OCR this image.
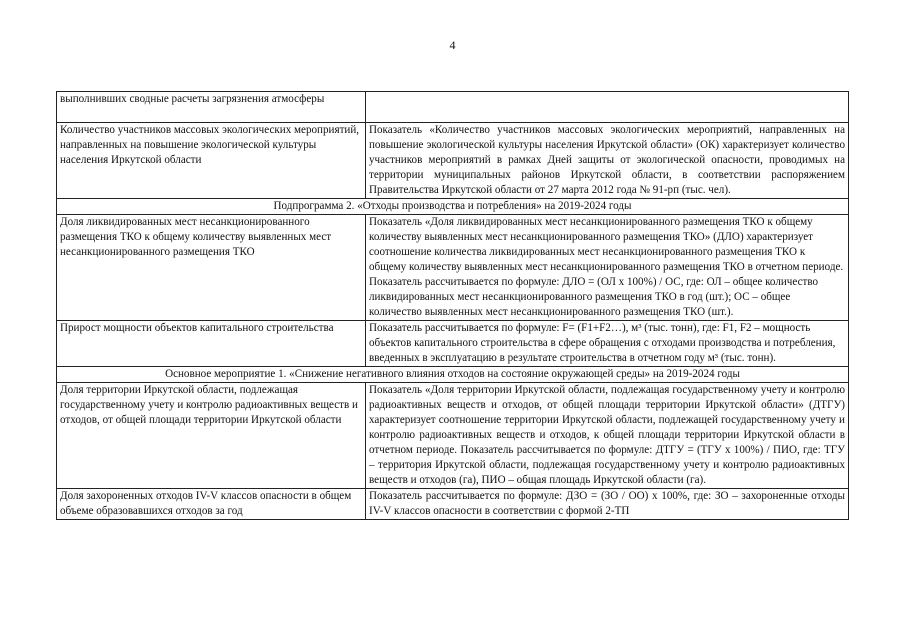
4
выполнивших сводные расчеты загрязнения атмосферы	
Количество участников массовых экологических мероприятий, направленных на повышение экологической культуры населения Иркутской области	Показатель «Количество участников массовых экологических мероприятий, направленных на повышение экологической культуры населения Иркутской области» (ОК) характеризует количество участников мероприятий в рамках Дней защиты от экологической опасности, проводимых на территории муниципальных районов Иркутской области, в соответствии распоряжением Правительства Иркутской области от 27 марта 2012 года № 91-рп (тыс. чел).
Подпрограмма 2. «Отходы производства и потребления» на 2019-2024 годы	
Доля ликвидированных мест несанкционированного размещения ТКО к общему количеству выявленных мест несанкционированного размещения ТКО	Показатель «Доля ликвидированных мест несанкционированного размещения ТКО к общему количеству выявленных мест несанкционированного размещения ТКО» (ДЛО) характеризует соотношение количества ликвидированных мест несанкционированного размещения ТКО к общему количеству выявленных мест несанкционированного размещения ТКО в отчетном периоде. Показатель рассчитывается по формуле: ДЛО = (ОЛ х 100%) / ОС, где: ОЛ – общее количество ликвидированных мест несанкционированного размещения ТКО в год (шт.); ОС – общее количество выявленных мест несанкционированного размещения ТКО (шт.).
Прирост мощности объектов капитального строительства	Показатель рассчитывается по формуле: F= (F1+F2…), м³ (тыс. тонн), где: F1, F2 – мощность объектов капитального строительства в сфере обращения с отходами производства и потребления, введенных в эксплуатацию в результате строительства в отчетном году м³ (тыс. тонн).
Основное мероприятие 1. «Снижение негативного влияния отходов на состояние окружающей среды» на 2019-2024 годы	
Доля территории Иркутской области, подлежащая государственному учету и контролю радиоактивных веществ и отходов, от общей площади территории Иркутской области	Показатель «Доля территории Иркутской области, подлежащая государственному учету и контролю радиоактивных веществ и отходов, от общей площади территории Иркутской области» (ДТГУ) характеризует соотношение территории Иркутской области, подлежащей государственному учету и контролю радиоактивных веществ и отходов, к общей площади территории Иркутской области в отчетном периоде. Показатель рассчитывается по формуле: ДТГУ = (ТГУ х 100%) / ПИО, где: ТГУ – территория Иркутской области, подлежащая государственному учету и контролю радиоактивных веществ и отходов (га), ПИО – общая площадь Иркутской области (га).
Доля захороненных отходов IV-V классов опасности в общем объеме образовавшихся отходов за год	Показатель рассчитывается по формуле: ДЗО = (ЗО / ОО) х 100%, где: ЗО – захороненные отходы IV-V классов опасности в соответствии с формой 2-ТП
